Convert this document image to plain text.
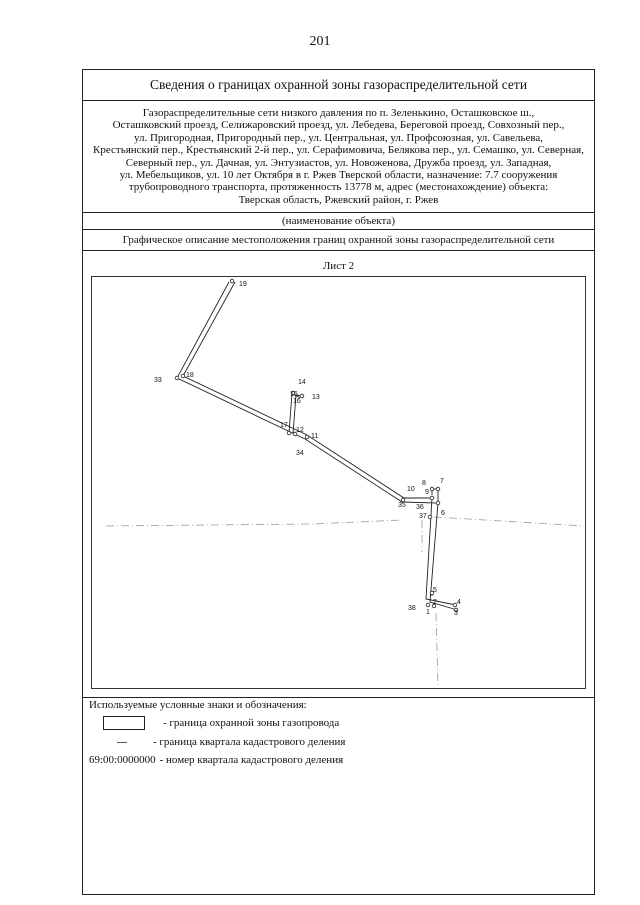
201
Сведения о границах охранной зоны газораспределительной сети
Газораспределительные сети низкого давления по п. Зеленькино, Осташковское ш.,
Осташковский проезд, Селижаровский проезд, ул. Лебедева, Береговой проезд, Совхозный пер.,
ул. Пригородная, Пригородный пер., ул. Центральная, ул. Профсоюзная, ул. Савельева,
Крестьянский пер., Крестьянский 2-й пер., ул. Серафимовича, Белякова пер., ул. Семашко, ул. Северная,
Северный пер., ул. Дачная, ул. Энтузиастов, ул. Новоженова, Дружба проезд, ул. Западная,
ул. Мебельщиков, ул. 10 лет Октября в г. Ржев Тверской области, назначение: 7.7 сооружения
трубопроводного транспорта, протяженность 13778 м, адрес (местонахождение) объекта:
Тверская область, Ржевский район, г. Ржев
(наименование объекта)
Графическое описание местоположения границ охранной зоны газораспределительной сети
Лист 2
19
33
18
14
15
16
13
17
12
11
34
8 7
10 9
35 36
6
37
5
38
2
1
4
3
Используемые условные знаки и обозначения:
- граница охранной зоны газопровода
- граница квартала кадастрового деления
69:00:0000000 - номер квартала кадастрового деления
